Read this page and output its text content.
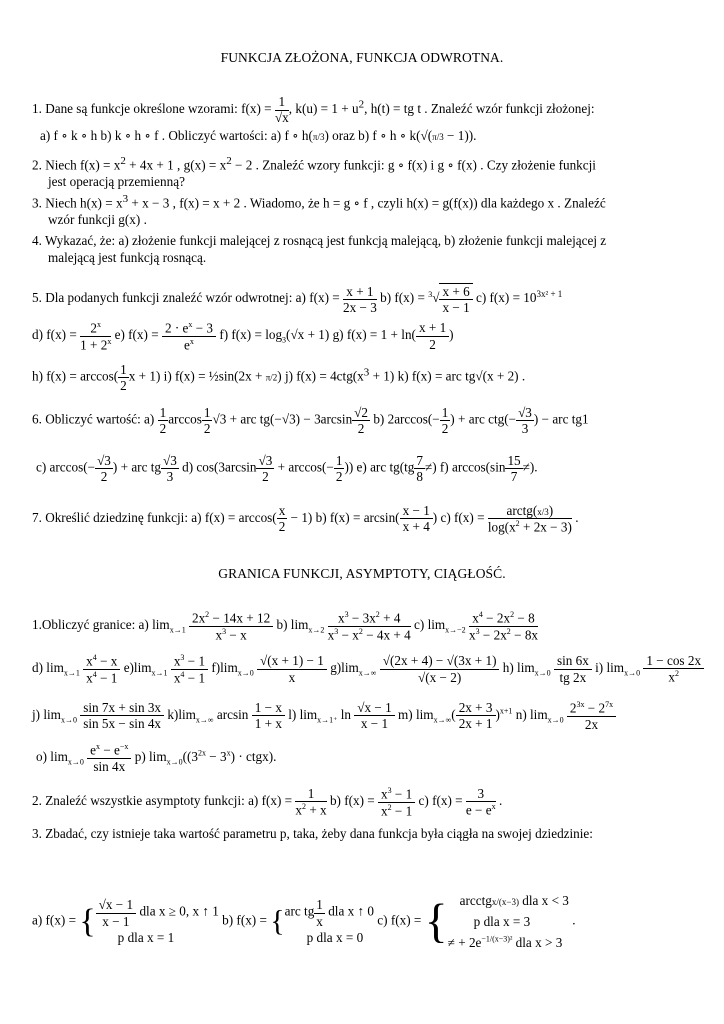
FUNKCJA ZŁOŻONA, FUNKCJA ODWROTNA.
1. Dane są funkcje określone wzorami: $f(x) = \frac{1}{√x}$ , $k(u) = 1 + u^2$, h(t) = tg t . Znaleźć wzór funkcji złożonej:
a) f ∘ k ∘ h b) k ∘ h ∘ f . Obliczyć wartości: a) f ∘ h(π/3) oraz b) f ∘ h ∘ k(√(π/3 − 1)).
2. Niech $f(x) = x^2 + 4x + 1$ , $g(x) = x^2 - 2$ . Znaleźć wzory funkcji: g ∘ f(x) i g ∘ f(x) . Czy złożenie funkcji
jest operacją przemienną?
3. Niech $h(x) = x^3 + x - 3$ , f(x) = x + 2 . Wiadomo, że h = g ∘ f , czyli h(x) = g(f(x)) dla każdego x . Znaleźć
wzór funkcji g(x) .
4. Wykazać, że: a) złożenie funkcji malejącej z rosnącą jest funkcją malejącą, b) złożenie funkcji malejącej z
malejącą jest funkcją rosnącą.
5. Dla podanych funkcji znaleźć wzór odwrotnej: a) $f(x) = \frac{x + 1}{2x - 3} b$) $f(x) = ^3√ \frac{x + 6}{x - 1} c$) $f(x) = 10^{3x^2 + 1}$
d) $f(x) = \frac{2^x}{1 + 2^x} e$) $f(x) = \frac{2 \cdot e^x - 3}{e^x} f$) $f(x) = \log_3(√x + 1)$ g) $f(x) = 1 + \ln( \frac{x + 1}{2}$ )
h) $f(x) = \arccos( \frac{1}{2}$ x + 1) i) f(x) = ½sin(2x + π/2) j) $f(x) = 4ctg(x^3 + 1)$ k) f(x) = arc tg√(x + 2) .
6. Obliczyć wartość: $a) \frac{1}{2}$ $\arccos \frac{1}{2} √3$ + arc $tg(-√3) - 3\arcsin \frac{√2}{2} b$) $2\arccos(- \frac{1}{2}$ ) + arc $ctg(- \frac{√3}{3}$ ) − arc tg1
c) $\arccos(- \frac{√3}{2}$ ) + arc tg $\frac{√3}{3} d$) $\cos(3\arcsin \frac{√3}{2} + \arccos(- \frac{1}{2}$ )) e) arc $tg(tg \frac{7}{8}$ ≠) f) $\arccos(\sin \frac{15}{7}$ ≠).
7. Określić dziedzinę funkcji: a) $f(x) = \arccos( \frac{x}{2} - 1)$ b) $f(x) = \arcsin( \frac{x - 1}{x + 4}$ ) c) f(x) =	arctg(x/3)
$\log(x^2 + 2x - 3)$
.
GRANICA FUNKCJI, ASYMPTOTY, CIĄGŁOŚĆ.
1.Obliczyć granice: a) $\lim_{x\to 1} \frac{2x^2 - 14x + 12}{x^3 - x} b$) $\lim_{x\to 2} \frac{x^3 - 3x^2 + 4}{x^3 - x^2 - 4x + 4} c$) $\lim_{x\to-2} \frac{x^4 - 2x^2 - 8}{x^3 - 2x^2 - 8x}$
d) $\lim_{x\to 1} \frac{x^4 - x}{x^4 - 1} e)\lim_{x\to 1} \frac{x^3 - 1}{x^4 - 1} f)\lim_{x\to 0} \frac{√(x + 1) - 1}{x} g)\lim_{x\to\infty} \frac{√(2x + 4) - √(3x + 1)}{√(x - 2)} h$) $\lim_{x\to 0} \frac{\sin 6x}{tg 2x} i$) $\lim_{x\to 0} \frac{1 - \cos 2x}{x^2}$
j) $\lim_{x\to 0} \frac{\sin 7x + \sin 3x}{\sin 5x - \sin 4x} k)\lim_{x\to\infty}$ $\arcsin \frac{1 - x}{1 + x} l$) $\lim_{x\to 1^+} \ln \frac{√x - 1}{x - 1} m$) $\lim_{x\to\infty}( \frac{2x + 3}{2x + 1} )^{x+1}$ n) $\lim_{x\to 0} \frac{2^{3x} - 2^{7x}}{2x}$
o) $\lim_{x\to 0} \frac{e^x - e^{-x}}{\sin 4x} p$) $\lim_{x\to 0}((3^{2x} - 3^x)$ · ctgx).
2. Znaleźć wszystkie asymptoty funkcji: a) $f(x) = \frac{1}{x^2 + x} b$) $f(x) = \frac{x^3 - 1}{x^2 - 1} c$) $f(x) = \frac{3}{e - e^x}$ .
3. Zbadać, czy istnieje taka wartość parametru p, taka, żeby dana funkcja była ciągła na swojej dziedzinie:
a) f(x) = { $\frac{√x - 1}{x - 1}$ dla x ≥ 0, x ↑ 1
p dla x = 1
b) f(x) = { arc tg $\frac{1}{x}$ dla x ↑ 0
p dla x = 0
c) f(x) = { arcctgx/(x−3) dla x < 3
p dla x = 3
≠ + $2e^{-1/(x-3)^2}$ dla x > 3
.
